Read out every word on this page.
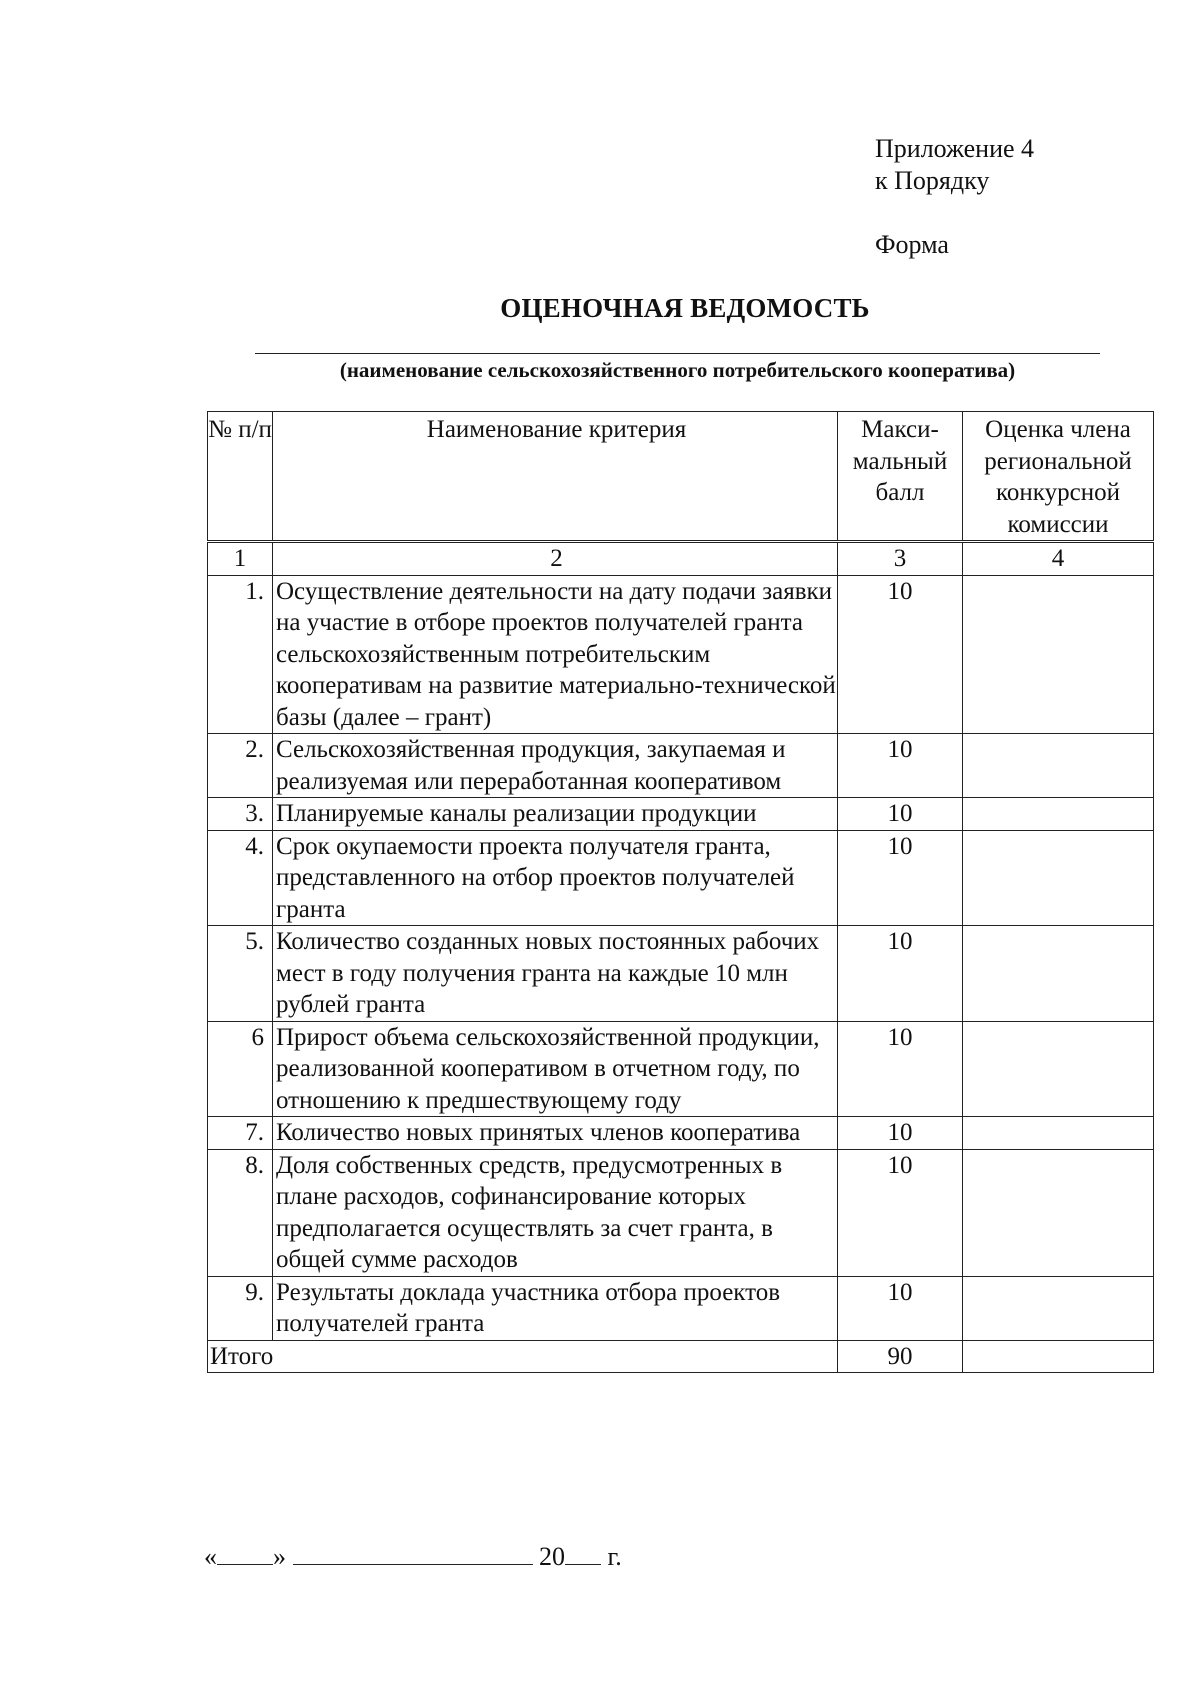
Приложение 4
к Порядку
Форма
ОЦЕНОЧНАЯ ВЕДОМОСТЬ
(наименование сельскохозяйственного потребительского кооператива)
№ п/п	Наименование критерия	Макси-мальный балл	Оценка члена региональной конкурсной комиссии
1	2	3	4
1.	Осуществление деятельности на дату подачи заявки на участие в отборе проектов получателей гранта сельскохозяйственным потребительским кооперативам на развитие материально-технической базы (далее – грант)	10	
2.	Сельскохозяйственная продукция, закупаемая и реализуемая или переработанная кооперативом	10	
3.	Планируемые каналы реализации продукции	10	
4.	Срок окупаемости проекта получателя гранта, представленного на отбор проектов получателей гранта	10	
5.	Количество созданных новых постоянных рабочих мест в году получения гранта на каждые 10 млн рублей гранта	10	
6	Прирост объема сельскохозяйственной продукции, реализованной кооперативом в отчетном году, по отношению к предшествующему году	10	
7.	Количество новых принятых членов кооператива	10	
8.	Доля собственных средств, предусмотренных в плане расходов, софинансирование которых предполагается осуществлять за счет гранта, в общей сумме расходов	10	
9.	Результаты доклада участника отбора проектов получателей гранта	10	
Итого		90	
« »	20 г.
